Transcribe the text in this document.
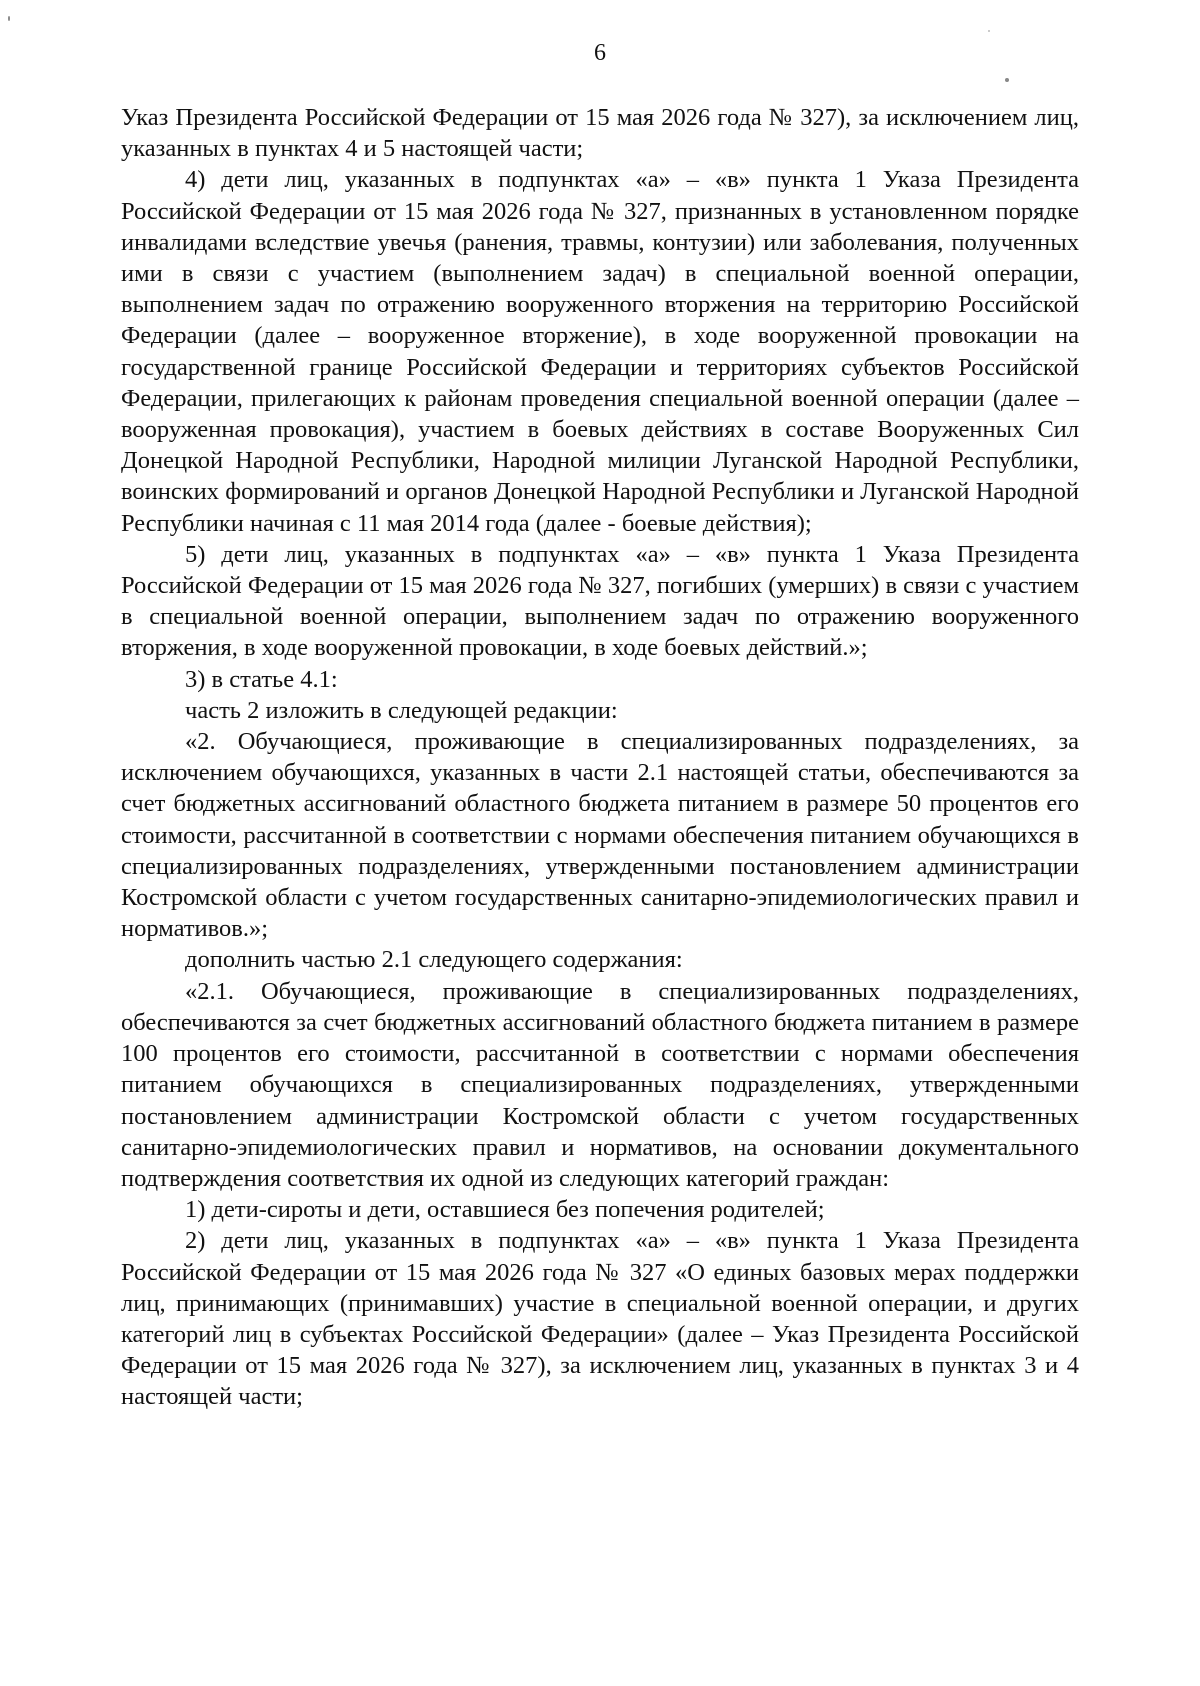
6

Указ Президента Российской Федерации от 15 мая 2026 года № 327), за исключением лиц, указанных в пунктах 4 и 5 настоящей части;

4) дети лиц, указанных в подпунктах «а» – «в» пункта 1 Указа Президента Российской Федерации от 15 мая 2026 года № 327, признанных в установленном порядке инвалидами вследствие увечья (ранения, травмы, контузии) или заболевания, полученных ими в связи с участием (выполнением задач) в специальной военной операции, выполнением задач по отражению вооруженного вторжения на территорию Российской Федерации (далее – вооруженное вторжение), в ходе вооруженной провокации на государственной границе Российской Федерации и территориях субъектов Российской Федерации, прилегающих к районам проведения специальной военной операции (далее – вооруженная провокация), участием в боевых действиях в составе Вооруженных Сил Донецкой Народной Республики, Народной милиции Луганской Народной Республики, воинских формирований и органов Донецкой Народной Республики и Луганской Народной Республики начиная с 11 мая 2014 года (далее - боевые действия);

5) дети лиц, указанных в подпунктах «а» – «в» пункта 1 Указа Президента Российской Федерации от 15 мая 2026 года № 327, погибших (умерших) в связи с участием в специальной военной операции, выполнением задач по отражению вооруженного вторжения, в ходе вооруженной провокации, в ходе боевых действий.»;

3) в статье 4.1:

часть 2 изложить в следующей редакции:

«2. Обучающиеся, проживающие в специализированных подразделениях, за исключением обучающихся, указанных в части 2.1 настоящей статьи, обеспечиваются за счет бюджетных ассигнований областного бюджета питанием в размере 50 процентов его стоимости, рассчитанной в соответствии с нормами обеспечения питанием обучающихся в специализированных подразделениях, утвержденными постановлением администрации Костромской области с учетом государственных санитарно-эпидемиологических правил и нормативов.»;

дополнить частью 2.1 следующего содержания:

«2.1. Обучающиеся, проживающие в специализированных подразделениях, обеспечиваются за счет бюджетных ассигнований областного бюджета питанием в размере 100 процентов его стоимости, рассчитанной в соответствии с нормами обеспечения питанием обучающихся в специализированных подразделениях, утвержденными постановлением администрации Костромской области с учетом государственных санитарно-эпидемиологических правил и нормативов, на основании документального подтверждения соответствия их одной из следующих категорий граждан:

1) дети-сироты и дети, оставшиеся без попечения родителей;

2) дети лиц, указанных в подпунктах «а» – «в» пункта 1 Указа Президента Российской Федерации от 15 мая 2026 года № 327 «О единых базовых мерах поддержки лиц, принимающих (принимавших) участие в специальной военной операции, и других категорий лиц в субъектах Российской Федерации» (далее – Указ Президента Российской Федерации от 15 мая 2026 года № 327), за исключением лиц, указанных в пунктах 3 и 4 настоящей части;
